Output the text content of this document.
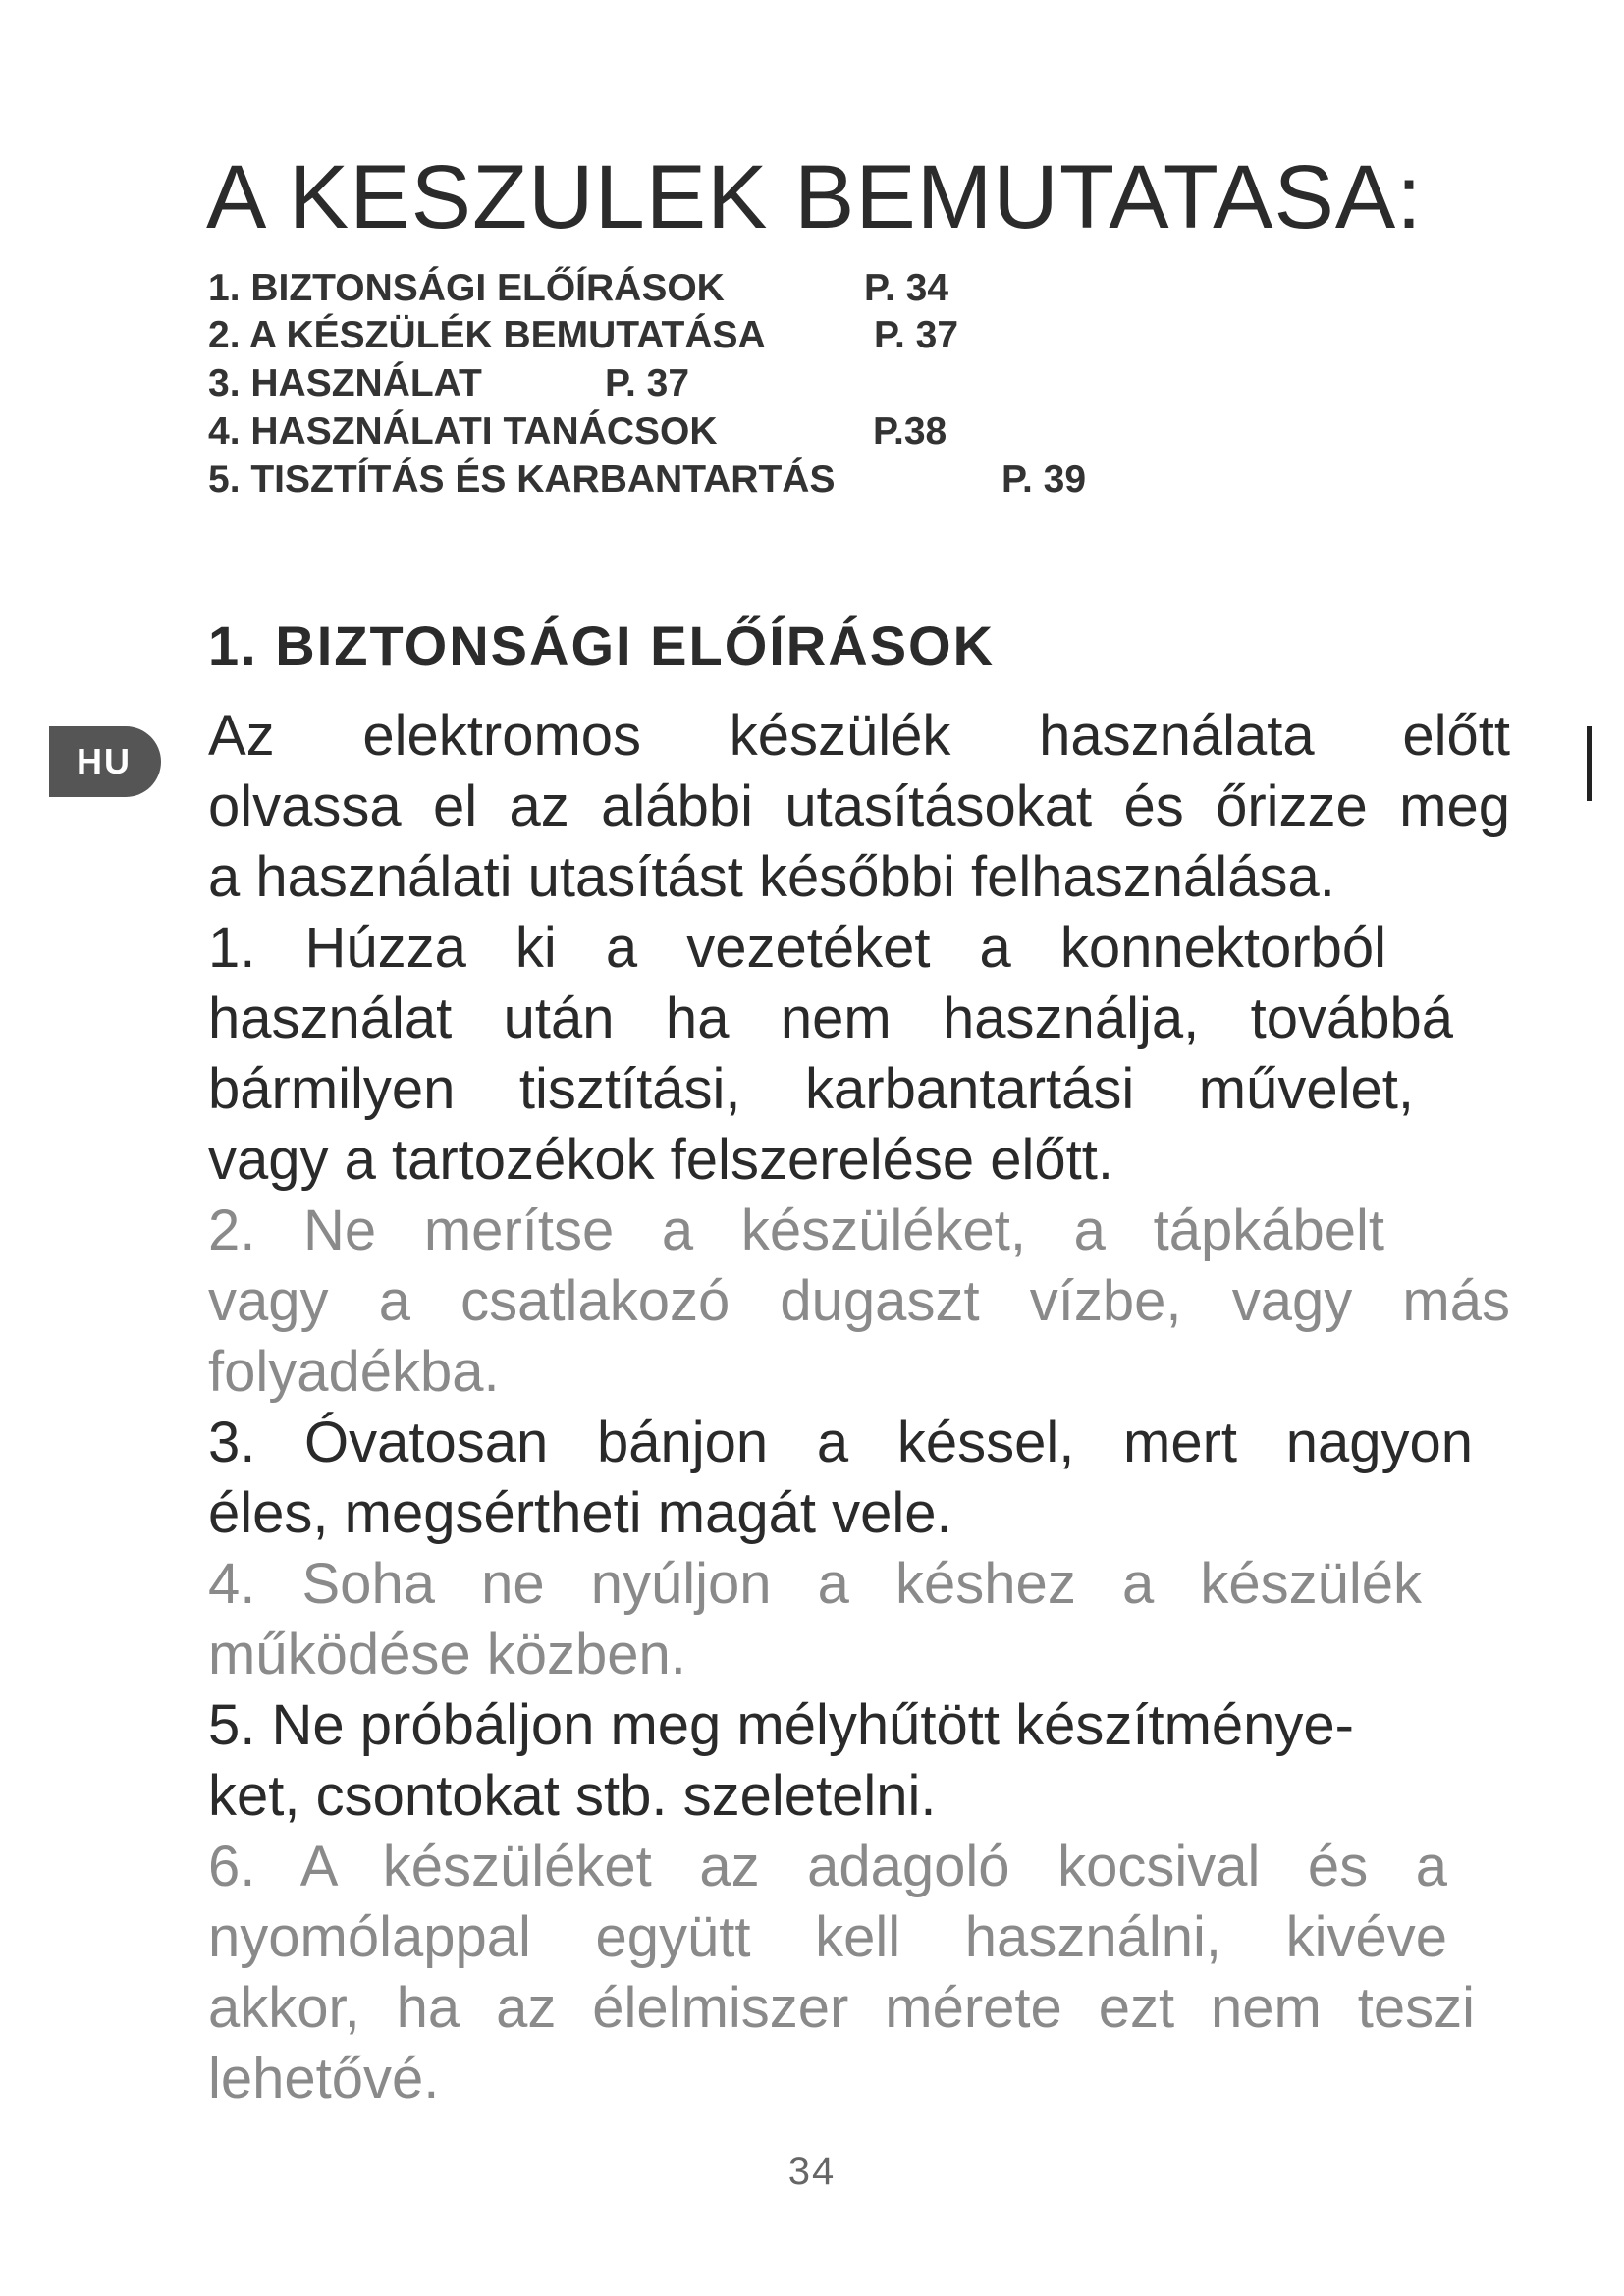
A KESZULEK BEMUTATASA:
1. BIZTONSÁGI ELŐÍRÁSOK	P. 34
2. A KÉSZÜLÉK BEMUTATÁSA	P. 37
3. HASZNÁLAT	P. 37
4. HASZNÁLATI TANÁCSOK	P.38
5. TISZTÍTÁS ÉS KARBANTARTÁS	P. 39
1. BIZTONSÁGI ELŐÍRÁSOK
HU	Az elektromos készülék használata előtt
olvassa el az alábbi utasításokat és őrizze meg
a használati utasítást későbbi felhasználása.
1. Húzza ki a vezetéket a konnektorból
használat után ha nem használja, továbbá
bármilyen tisztítási, karbantartási művelet,
vagy a tartozékok felszerelése előtt.
2. Ne merítse a készüléket, a tápkábelt
vagy a csatlakozó dugaszt vízbe, vagy más
folyadékba.
3. Óvatosan bánjon a késsel, mert nagyon
éles, megsértheti magát vele.
4. Soha ne nyúljon a késhez a készülék
működése közben.
5. Ne próbáljon meg mélyhűtött készítménye-
ket, csontokat stb. szeletelni.
6. A készüléket az adagoló kocsival és a
nyomólappal együtt kell használni, kivéve
akkor, ha az élelmiszer mérete ezt nem teszi
lehetővé.
34
